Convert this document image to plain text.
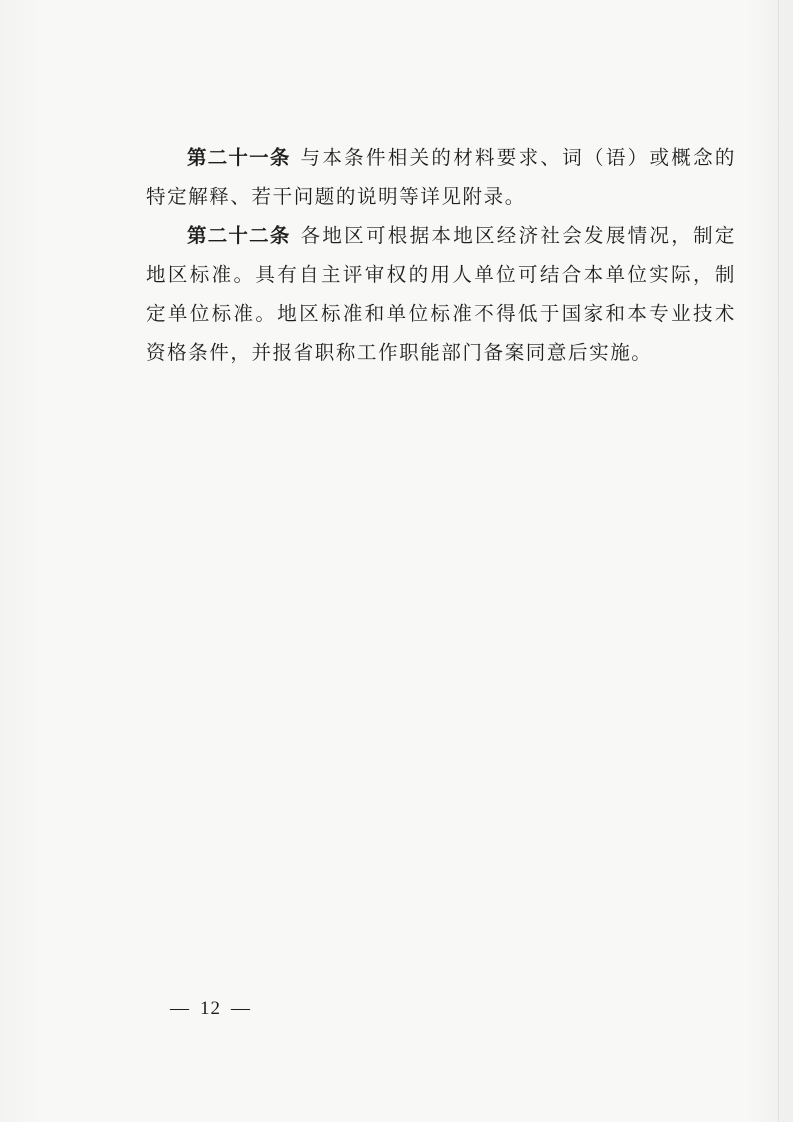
第二十一条 与本条件相关的材料要求、词（语）或概念的特定解释、若干问题的说明等详见附录。

第二十二条 各地区可根据本地区经济社会发展情况，制定地区标准。具有自主评审权的用人单位可结合本单位实际，制定单位标准。地区标准和单位标准不得低于国家和本专业技术资格条件，并报省职称工作职能部门备案同意后实施。

— 12 —
